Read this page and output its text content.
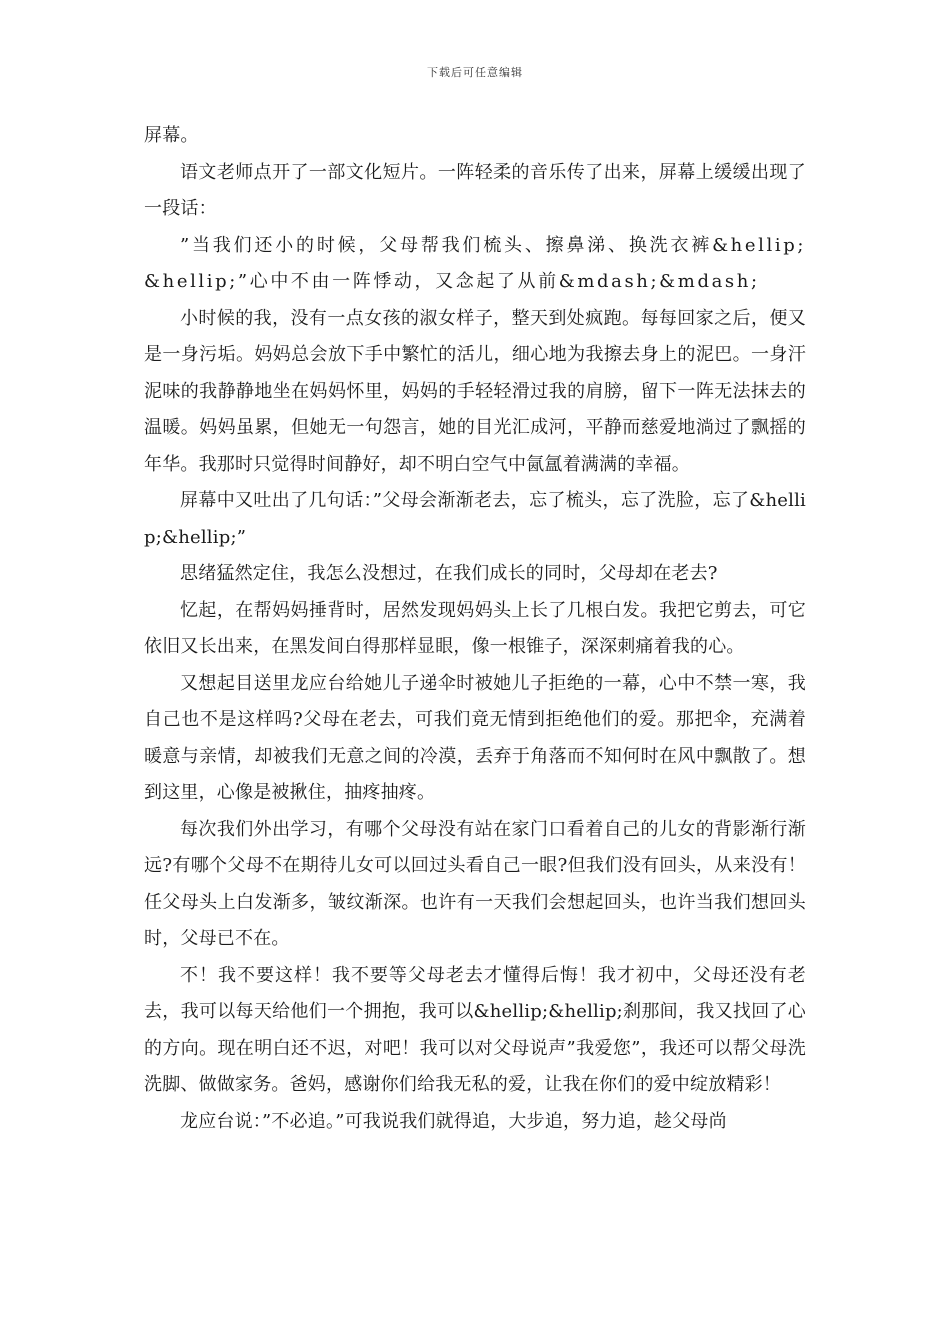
下载后可任意编辑

屏幕。

语文老师点开了一部文化短片。一阵轻柔的音乐传了出来，屏幕上缓缓出现了一段话：

”当我们还小的时候，父母帮我们梳头、擦鼻涕、换洗衣裤&hellip;&hellip;”心中不由一阵悸动，又念起了从前&mdash;&mdash;

小时候的我，没有一点女孩的淑女样子，整天到处疯跑。每每回家之后，便又是一身污垢。妈妈总会放下手中繁忙的活儿，细心地为我擦去身上的泥巴。一身汗泥味的我静静地坐在妈妈怀里，妈妈的手轻轻滑过我的肩膀，留下一阵无法抹去的温暖。妈妈虽累，但她无一句怨言，她的目光汇成河，平静而慈爱地淌过了飘摇的年华。我那时只觉得时间静好，却不明白空气中氤氲着满满的幸福。

屏幕中又吐出了几句话：”父母会渐渐老去，忘了梳头，忘了洗脸，忘了&hellip;&hellip;”

思绪猛然定住，我怎么没想过，在我们成长的同时，父母却在老去?

忆起，在帮妈妈捶背时，居然发现妈妈头上长了几根白发。我把它剪去，可它依旧又长出来，在黑发间白得那样显眼，像一根锥子，深深刺痛着我的心。

又想起目送里龙应台给她儿子递伞时被她儿子拒绝的一幕，心中不禁一寒，我自己也不是这样吗?父母在老去，可我们竟无情到拒绝他们的爱。那把伞，充满着暖意与亲情，却被我们无意之间的冷漠，丢弃于角落而不知何时在风中飘散了。想到这里，心像是被揪住，抽疼抽疼。

每次我们外出学习，有哪个父母没有站在家门口看着自己的儿女的背影渐行渐远?有哪个父母不在期待儿女可以回过头看自己一眼?但我们没有回头，从来没有！任父母头上白发渐多，皱纹渐深。也许有一天我们会想起回头，也许当我们想回头时，父母已不在。

不！我不要这样！我不要等父母老去才懂得后悔！我才初中，父母还没有老去，我可以每天给他们一个拥抱，我可以&hellip;&hellip;刹那间，我又找回了心的方向。现在明白还不迟，对吧！我可以对父母说声”我爱您”，我还可以帮父母洗洗脚、做做家务。爸妈，感谢你们给我无私的爱，让我在你们的爱中绽放精彩！

龙应台说：”不必追。”可我说我们就得追，大步追，努力追，趁父母尚
